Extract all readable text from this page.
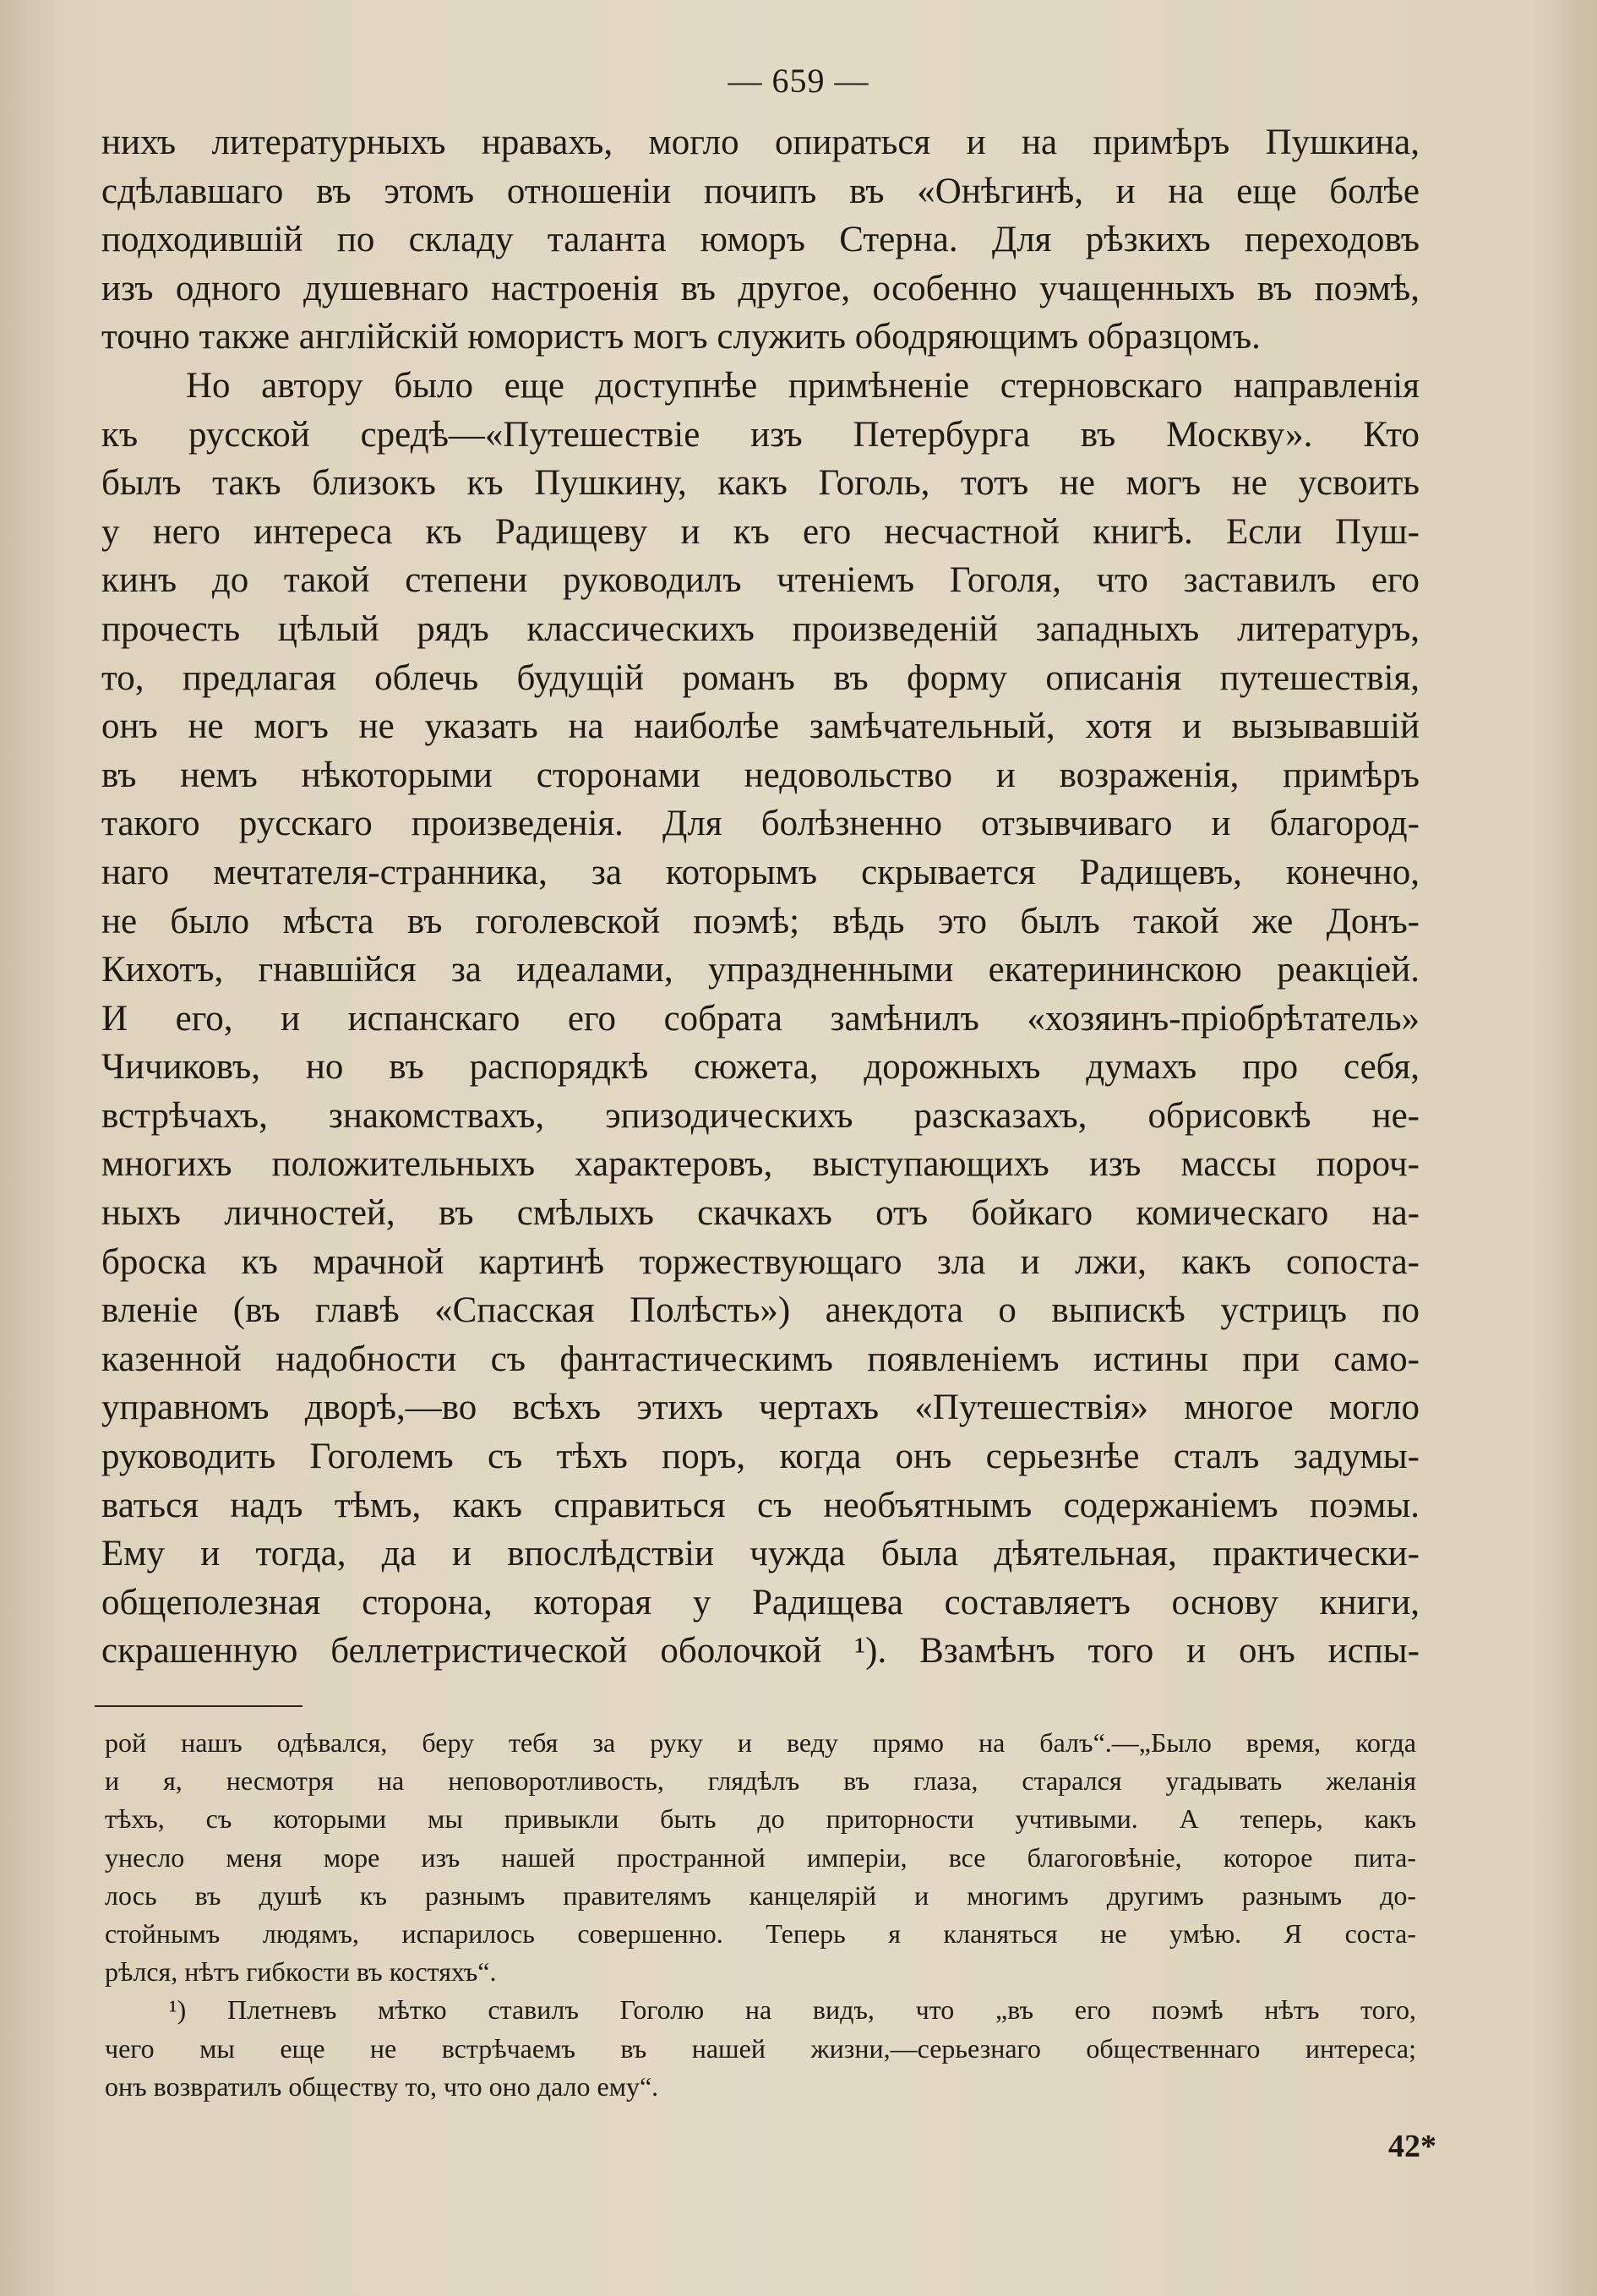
— 659 —
нихъ литературныхъ нравахъ, могло опираться и на примѣръ Пушкина,
сдѣлавшаго въ этомъ отношеніи почипъ въ «Онѣгинѣ, и на еще болѣе
подходившій по складу таланта юморъ Стерна. Для рѣзкихъ переходовъ
изъ одного душевнаго настроенія въ другое, особенно учащенныхъ въ поэмѣ,
точно также англійскій юмористъ могъ служить ободряющимъ образцомъ.
Но автору было еще доступнѣе примѣненіе стерновскаго направленія
къ русской средѣ—«Путешествіе изъ Петербурга въ Москву». Кто
былъ такъ близокъ къ Пушкину, какъ Гоголь, тотъ не могъ не усвоить
у него интереса къ Радищеву и къ его несчастной книгѣ. Если Пуш-
кинъ до такой степени руководилъ чтеніемъ Гоголя, что заставилъ его
прочесть цѣлый рядъ классическихъ произведеній западныхъ литературъ,
то, предлагая облечь будущій романъ въ форму описанія путешествія,
онъ не могъ не указать на наиболѣе замѣчательный, хотя и вызывавшій
въ немъ нѣкоторыми сторонами недовольство и возраженія, примѣръ
такого русскаго произведенія. Для болѣзненно отзывчиваго и благород-
наго мечтателя-странника, за которымъ скрывается Радищевъ, конечно,
не было мѣста въ гоголевской поэмѣ; вѣдь это былъ такой же Донъ-
Кихотъ, гнавшійся за идеалами, упраздненными екатерининскою реакціей.
И его, и испанскаго его собрата замѣнилъ «хозяинъ-пріобрѣтатель»
Чичиковъ, но въ распорядкѣ сюжета, дорожныхъ думахъ про себя,
встрѣчахъ, знакомствахъ, эпизодическихъ разсказахъ, обрисовкѣ не-
многихъ положительныхъ характеровъ, выступающихъ изъ массы пороч-
ныхъ личностей, въ смѣлыхъ скачкахъ отъ бойкаго комическаго на-
броска къ мрачной картинѣ торжествующаго зла и лжи, какъ сопоста-
вленіе (въ главѣ «Спасская Полѣсть») анекдота о выпискѣ устрицъ по
казенной надобности съ фантастическимъ появленіемъ истины при само-
управномъ дворѣ,—во всѣхъ этихъ чертахъ «Путешествія» многое могло
руководить Гоголемъ съ тѣхъ поръ, когда онъ серьезнѣе сталъ задумы-
ваться надъ тѣмъ, какъ справиться съ необъятнымъ содержаніемъ поэмы.
Ему и тогда, да и впослѣдствіи чужда была дѣятельная, практически-
общеполезная сторона, которая у Радищева составляетъ основу книги,
скрашенную беллетристической оболочкой ¹). Взамѣнъ того и онъ испы-
рой нашъ одѣвался, беру тебя за руку и веду прямо на балъ“.—„Было время, когда
и я, несмотря на неповоротливость, глядѣлъ въ глаза, старался угадывать желанія
тѣхъ, съ которыми мы привыкли быть до приторности учтивыми. А теперь, какъ
унесло меня море изъ нашей пространной имперіи, все благоговѣніе, которое пита-
лось въ душѣ къ разнымъ правителямъ канцелярій и многимъ другимъ разнымъ до-
стойнымъ людямъ, испарилось совершенно. Теперь я кланяться не умѣю. Я соста-
рѣлся, нѣтъ гибкости въ костяхъ“.
¹) Плетневъ мѣтко ставилъ Гоголю на видъ, что „въ его поэмѣ нѣтъ того,
чего мы еще не встрѣчаемъ въ нашей жизни,—серьезнаго общественнаго интереса;
онъ возвратилъ обществу то, что оно дало ему“.
42*
